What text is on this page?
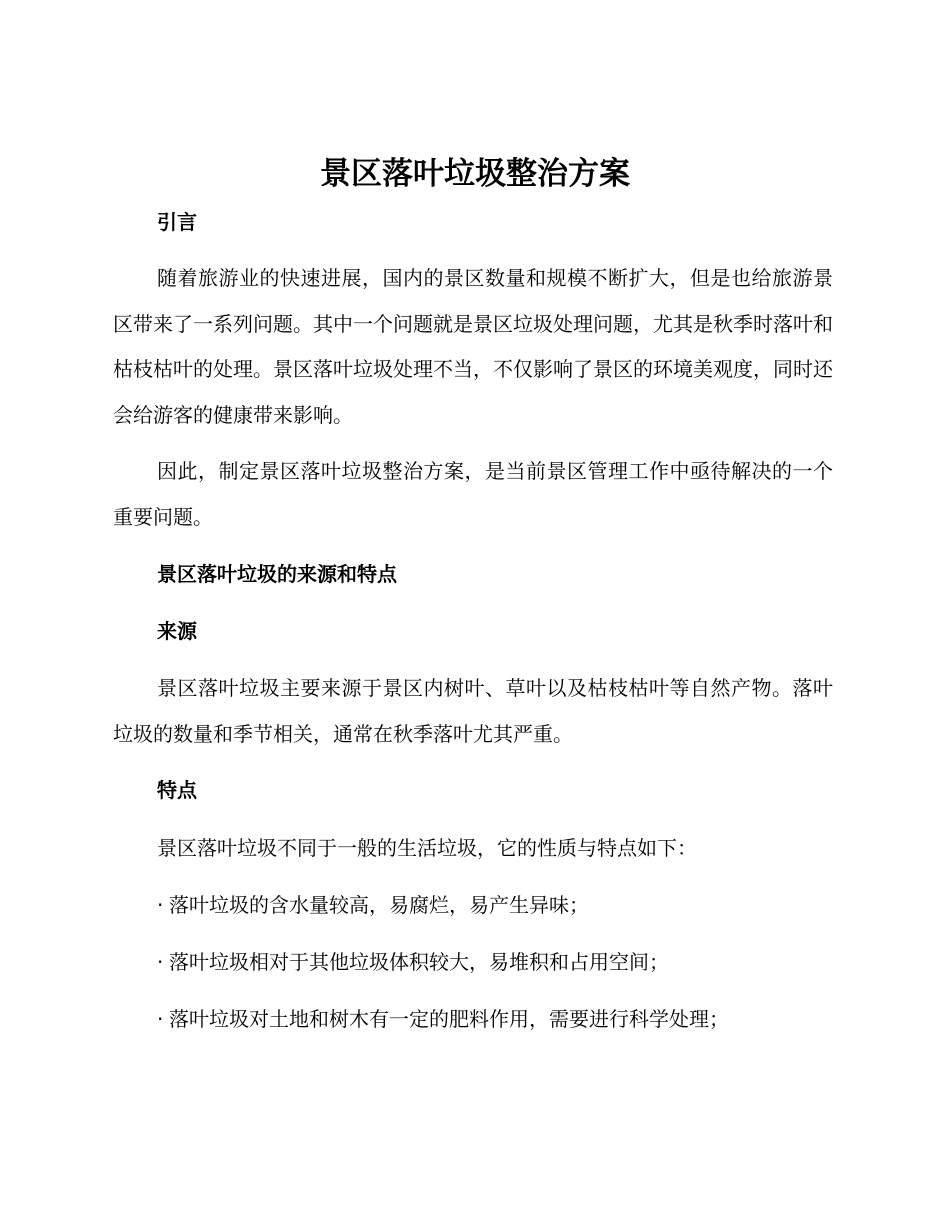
景区落叶垃圾整治方案
引言

随着旅游业的快速进展，国内的景区数量和规模不断扩大，但是也给旅游景区带来了一系列问题。其中一个问题就是景区垃圾处理问题，尤其是秋季时落叶和枯枝枯叶的处理。景区落叶垃圾处理不当，不仅影响了景区的环境美观度，同时还会给游客的健康带来影响。

因此，制定景区落叶垃圾整治方案，是当前景区管理工作中亟待解决的一个重要问题。

景区落叶垃圾的来源和特点
来源

景区落叶垃圾主要来源于景区内树叶、草叶以及枯枝枯叶等自然产物。落叶垃圾的数量和季节相关，通常在秋季落叶尤其严重。

特点

景区落叶垃圾不同于一般的生活垃圾，它的性质与特点如下：

· 落叶垃圾的含水量较高，易腐烂，易产生异味；

· 落叶垃圾相对于其他垃圾体积较大，易堆积和占用空间；

· 落叶垃圾对土地和树木有一定的肥料作用，需要进行科学处理；
